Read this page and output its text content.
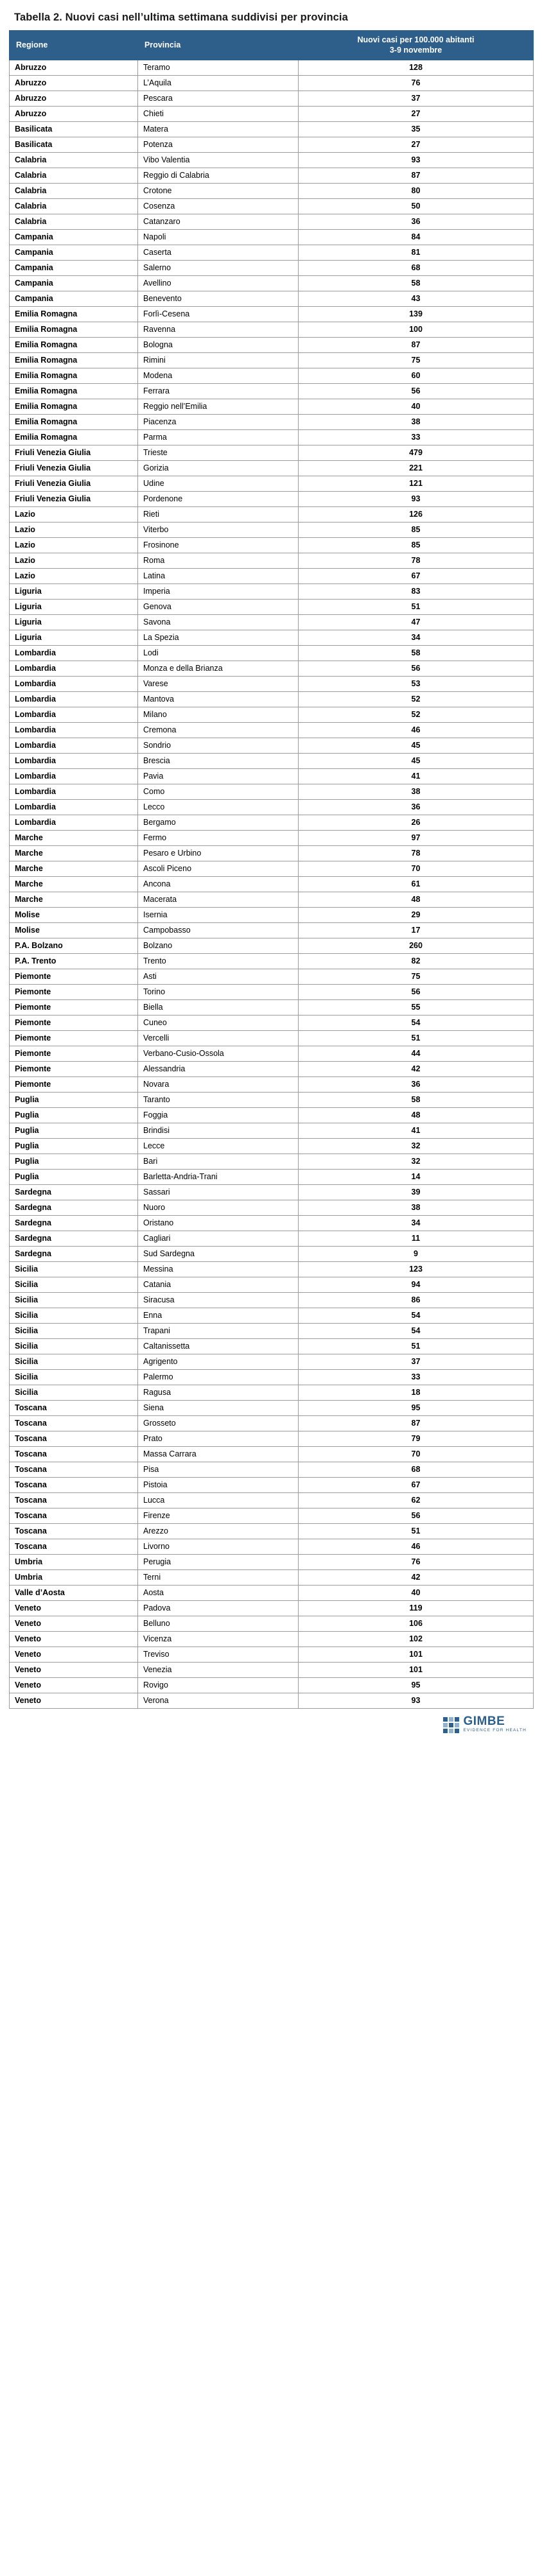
Tabella 2. Nuovi casi nell’ultima settimana suddivisi per provincia
Regione	Provincia	Nuovi casi per 100.000 abitanti
3-9 novembre

Abruzzo	Teramo	128
Abruzzo	L’Aquila	76
Abruzzo	Pescara	37
Abruzzo	Chieti	27
Basilicata	Matera	35
Basilicata	Potenza	27
Calabria	Vibo Valentia	93
Calabria	Reggio di Calabria	87
Calabria	Crotone	80
Calabria	Cosenza	50
Calabria	Catanzaro	36
Campania	Napoli	84
Campania	Caserta	81
Campania	Salerno	68
Campania	Avellino	58
Campania	Benevento	43
Emilia Romagna	Forlì-Cesena	139
Emilia Romagna	Ravenna	100
Emilia Romagna	Bologna	87
Emilia Romagna	Rimini	75
Emilia Romagna	Modena	60
Emilia Romagna	Ferrara	56
Emilia Romagna	Reggio nell’Emilia	40
Emilia Romagna	Piacenza	38
Emilia Romagna	Parma	33
Friuli Venezia Giulia	Trieste	479
Friuli Venezia Giulia	Gorizia	221
Friuli Venezia Giulia	Udine	121
Friuli Venezia Giulia	Pordenone	93
Lazio	Rieti	126
Lazio	Viterbo	85
Lazio	Frosinone	85
Lazio	Roma	78
Lazio	Latina	67
Liguria	Imperia	83
Liguria	Genova	51
Liguria	Savona	47
Liguria	La Spezia	34
Lombardia	Lodi	58
Lombardia	Monza e della Brianza	56
Lombardia	Varese	53
Lombardia	Mantova	52
Lombardia	Milano	52
Lombardia	Cremona	46
Lombardia	Sondrio	45
Lombardia	Brescia	45
Lombardia	Pavia	41
Lombardia	Como	38
Lombardia	Lecco	36
Lombardia	Bergamo	26
Marche	Fermo	97
Marche	Pesaro e Urbino	78
Marche	Ascoli Piceno	70
Marche	Ancona	61
Marche	Macerata	48
Molise	Isernia	29
Molise	Campobasso	17
P.A. Bolzano	Bolzano	260
P.A. Trento	Trento	82
Piemonte	Asti	75
Piemonte	Torino	56
Piemonte	Biella	55
Piemonte	Cuneo	54
Piemonte	Vercelli	51
Piemonte	Verbano-Cusio-Ossola	44
Piemonte	Alessandria	42
Piemonte	Novara	36
Puglia	Taranto	58
Puglia	Foggia	48
Puglia	Brindisi	41
Puglia	Lecce	32
Puglia	Bari	32
Puglia	Barletta-Andria-Trani	14
Sardegna	Sassari	39
Sardegna	Nuoro	38
Sardegna	Oristano	34
Sardegna	Cagliari	11
Sardegna	Sud Sardegna	9
Sicilia	Messina	123
Sicilia	Catania	94
Sicilia	Siracusa	86
Sicilia	Enna	54
Sicilia	Trapani	54
Sicilia	Caltanissetta	51
Sicilia	Agrigento	37
Sicilia	Palermo	33
Sicilia	Ragusa	18
Toscana	Siena	95
Toscana	Grosseto	87
Toscana	Prato	79
Toscana	Massa Carrara	70
Toscana	Pisa	68
Toscana	Pistoia	67
Toscana	Lucca	62
Toscana	Firenze	56
Toscana	Arezzo	51
Toscana	Livorno	46
Umbria	Perugia	76
Umbria	Terni	42
Valle d’Aosta	Aosta	40
Veneto	Padova	119
Veneto	Belluno	106
Veneto	Vicenza	102
Veneto	Treviso	101
Veneto	Venezia	101
Veneto	Rovigo	95
Veneto	Verona	93
GIMBE
EVIDENCE FOR HEALTH
